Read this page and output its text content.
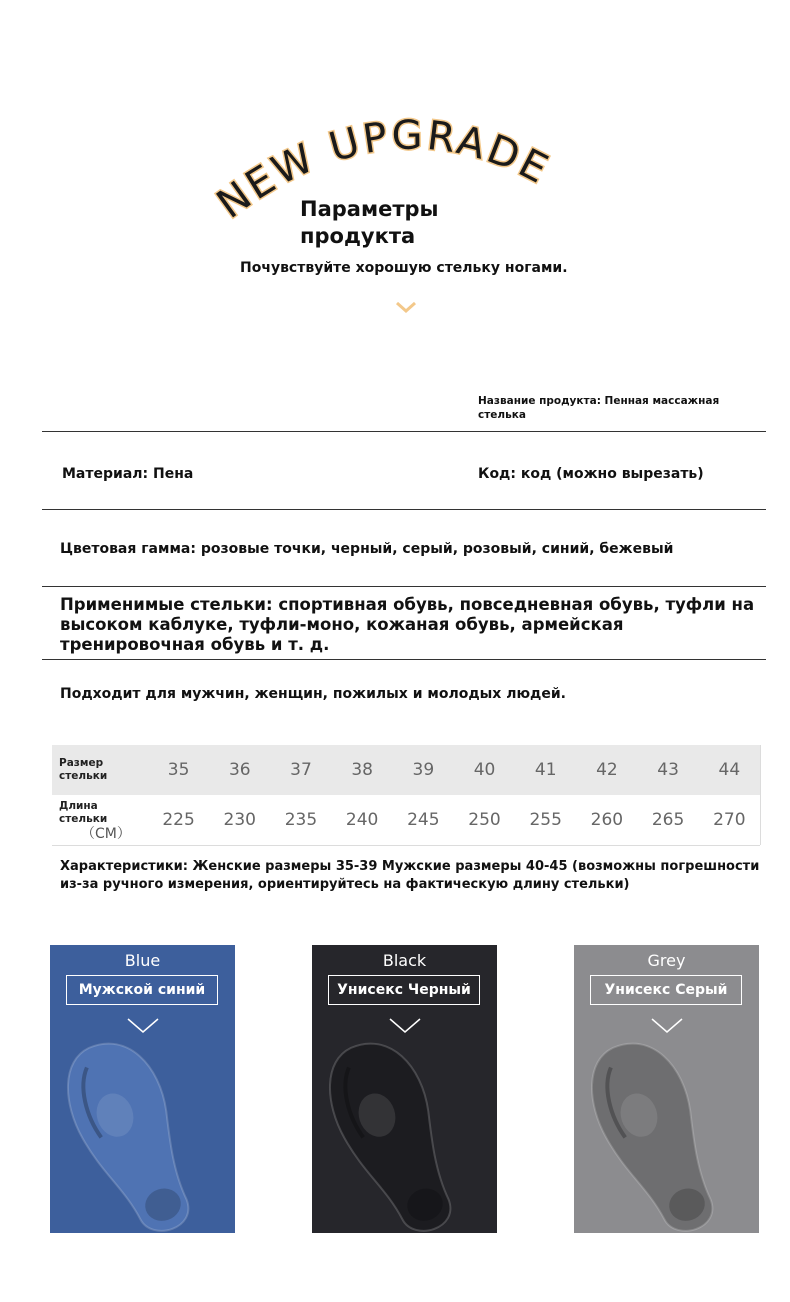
NEW UPGRADE
Параметры
продукта
Почувствуйте хорошую стельку ногами.
Название продукта: Пенная массажная стелька
Материал: Пена	Код: код (можно вырезать)
Цветовая гамма: розовые точки, черный, серый, розовый, синий, бежевый
Применимые стельки: спортивная обувь, повседневная обувь, туфли на высоком каблуке, туфли-моно, кожаная обувь, армейская тренировочная обувь и т. д.
Подходит для мужчин, женщин, пожилых и молодых людей.
Размер стельки	35	36	37	38	39	40	41	42	43	44
Длина стельки
（CM）	225	230	235	240	245	250	255	260	265	270
Характеристики: Женские размеры 35-39 Мужские размеры 40-45 (возможны погрешности из-за ручного измерения, ориентируйтесь на фактическую длину стельки)
Blue
Мужской синий
Black
Унисекс Черный
Grey
Унисекс Серый
